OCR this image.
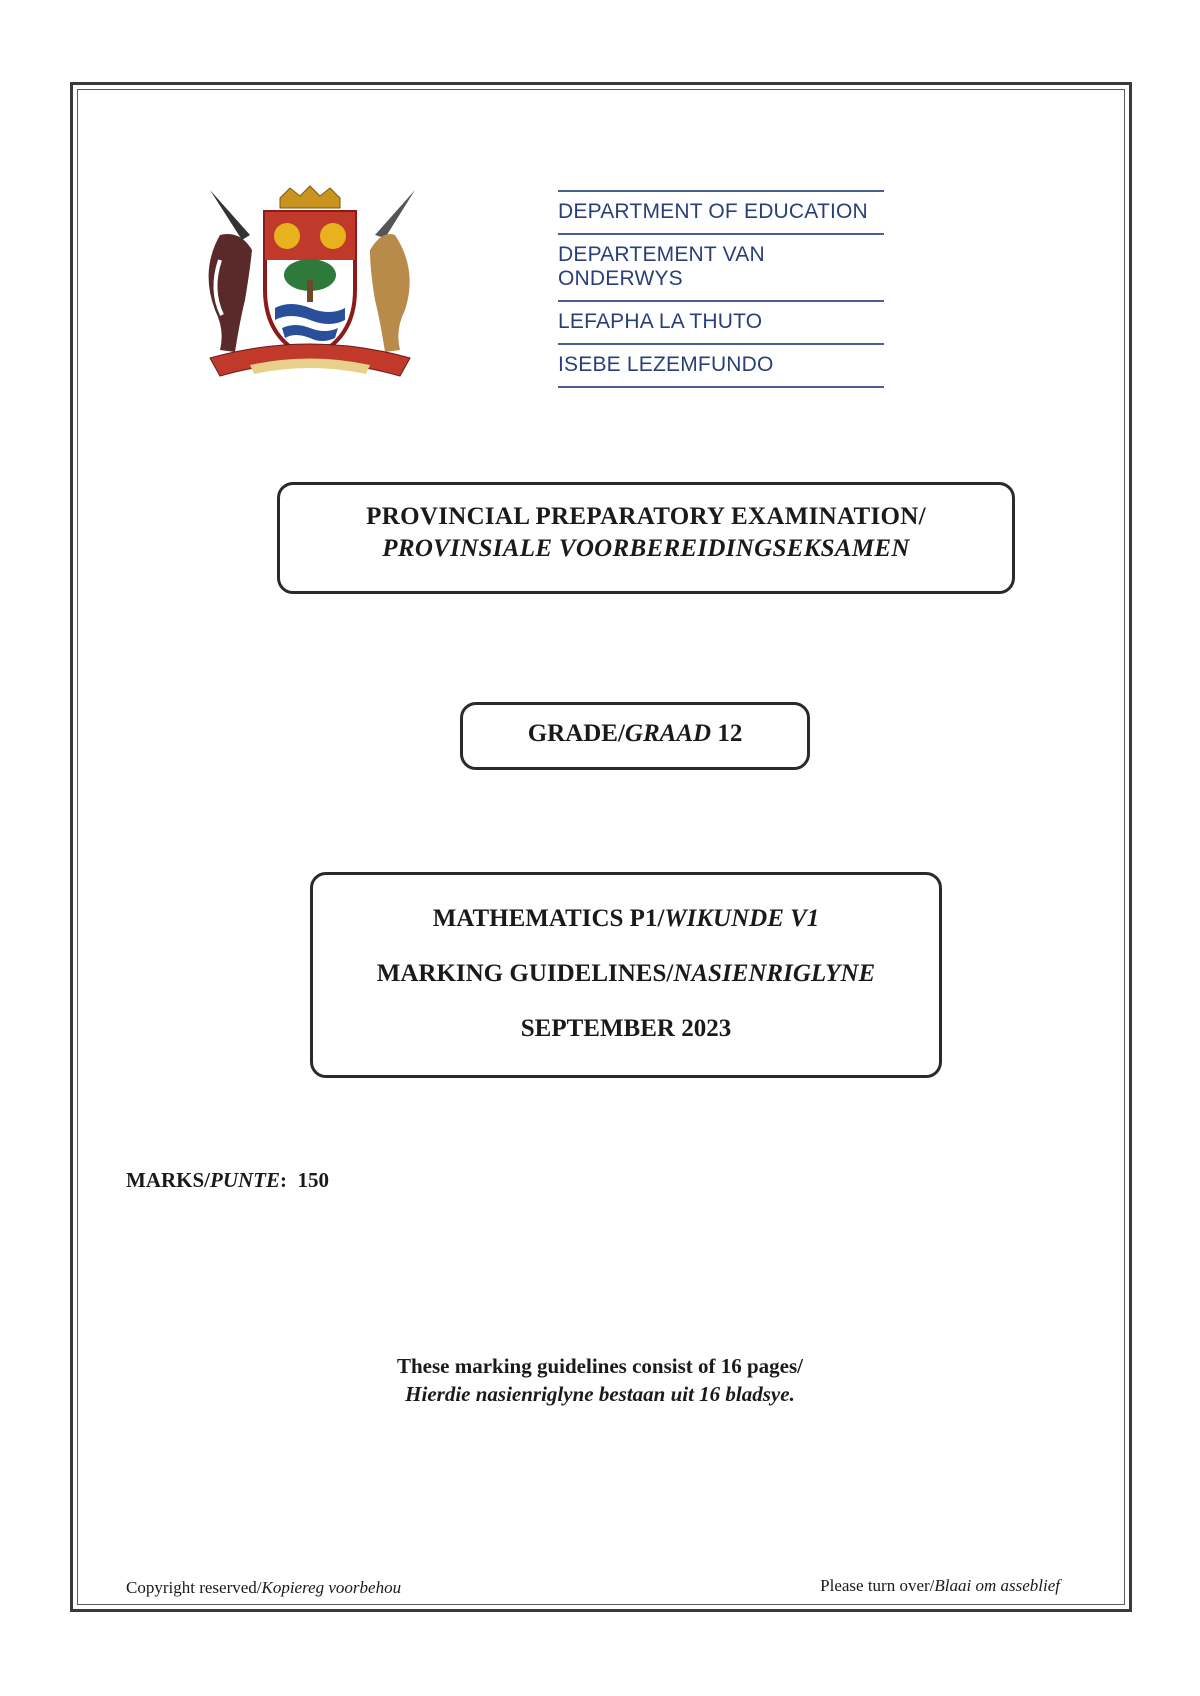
DEPARTMENT OF EDUCATION
DEPARTEMENT VAN ONDERWYS
LEFAPHA LA THUTO
ISEBE LEZEMFUNDO
PROVINCIAL PREPARATORY EXAMINATION/
PROVINSIALE VOORBEREIDINGSEKSAMEN
GRADE/GRAAD 12
MATHEMATICS P1/WIKUNDE V1
MARKING GUIDELINES/NASIENRIGLYNE
SEPTEMBER 2023
MARKS/PUNTE: 150
These marking guidelines consist of 16 pages/
Hierdie nasienriglyne bestaan uit 16 bladsye.
Copyright reserved/Kopiereg voorbehou	Please turn over/Blaai om asseblief
